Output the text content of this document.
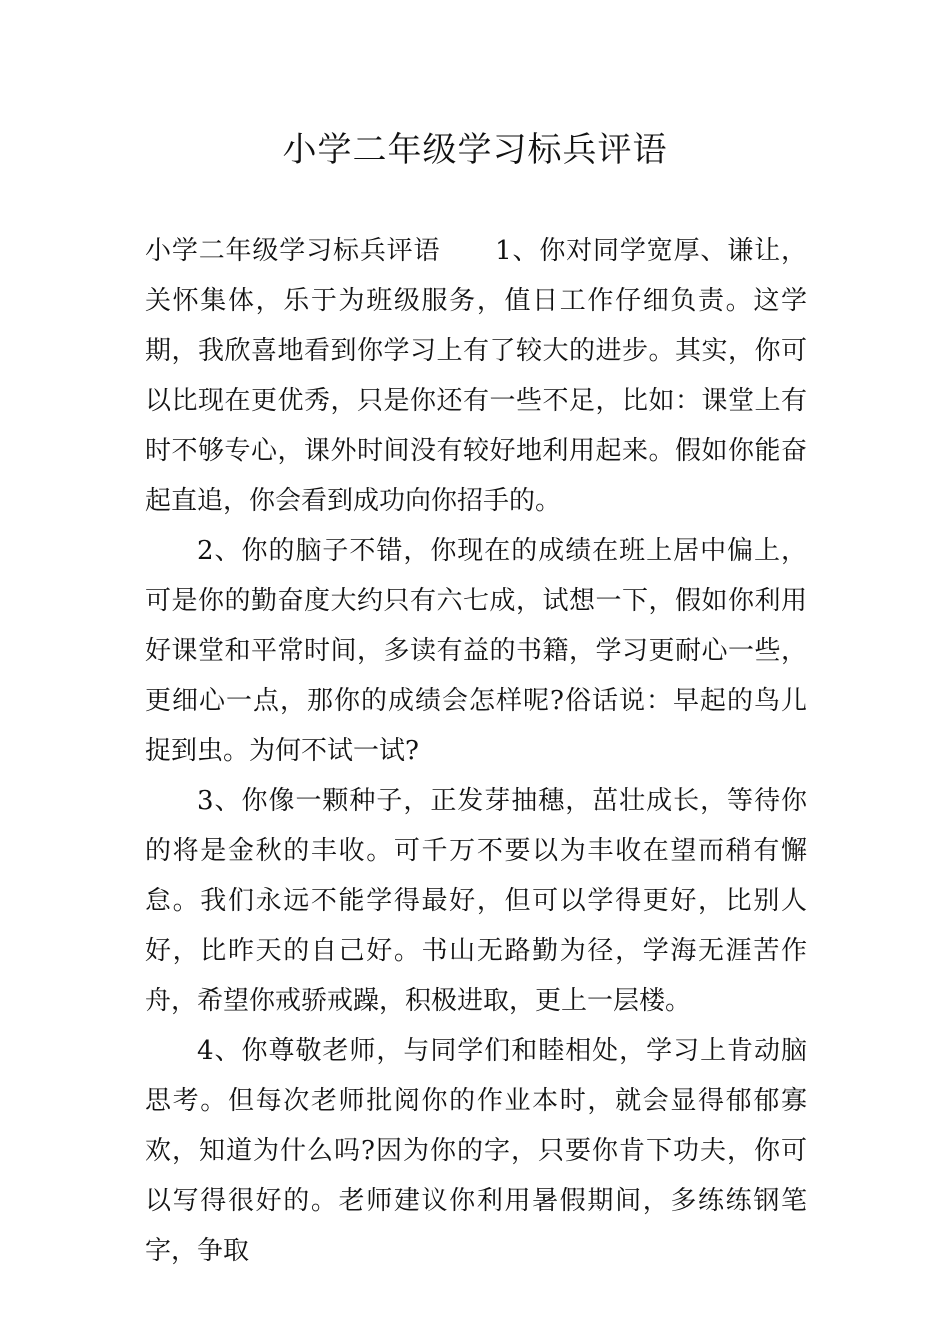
小学二年级学习标兵评语

小学二年级学习标兵评语 1、你对同学宽厚、谦让，关怀集体，乐于为班级服务，值日工作仔细负责。这学期，我欣喜地看到你学习上有了较大的进步。其实，你可以比现在更优秀，只是你还有一些不足，比如：课堂上有时不够专心，课外时间没有较好地利用起来。假如你能奋起直追，你会看到成功向你招手的。

2、你的脑子不错，你现在的成绩在班上居中偏上，可是你的勤奋度大约只有六七成，试想一下，假如你利用好课堂和平常时间，多读有益的书籍，学习更耐心一些，更细心一点，那你的成绩会怎样呢?俗话说：早起的鸟儿捉到虫。为何不试一试?

3、你像一颗种子，正发芽抽穗，茁壮成长，等待你的将是金秋的丰收。可千万不要以为丰收在望而稍有懈怠。我们永远不能学得最好，但可以学得更好，比别人好，比昨天的自己好。书山无路勤为径，学海无涯苦作舟，希望你戒骄戒躁，积极进取，更上一层楼。

4、你尊敬老师，与同学们和睦相处，学习上肯动脑思考。但每次老师批阅你的作业本时，就会显得郁郁寡欢，知道为什么吗?因为你的字，只要你肯下功夫，你可以写得很好的。老师建议你利用暑假期间，多练练钢笔字，争取
